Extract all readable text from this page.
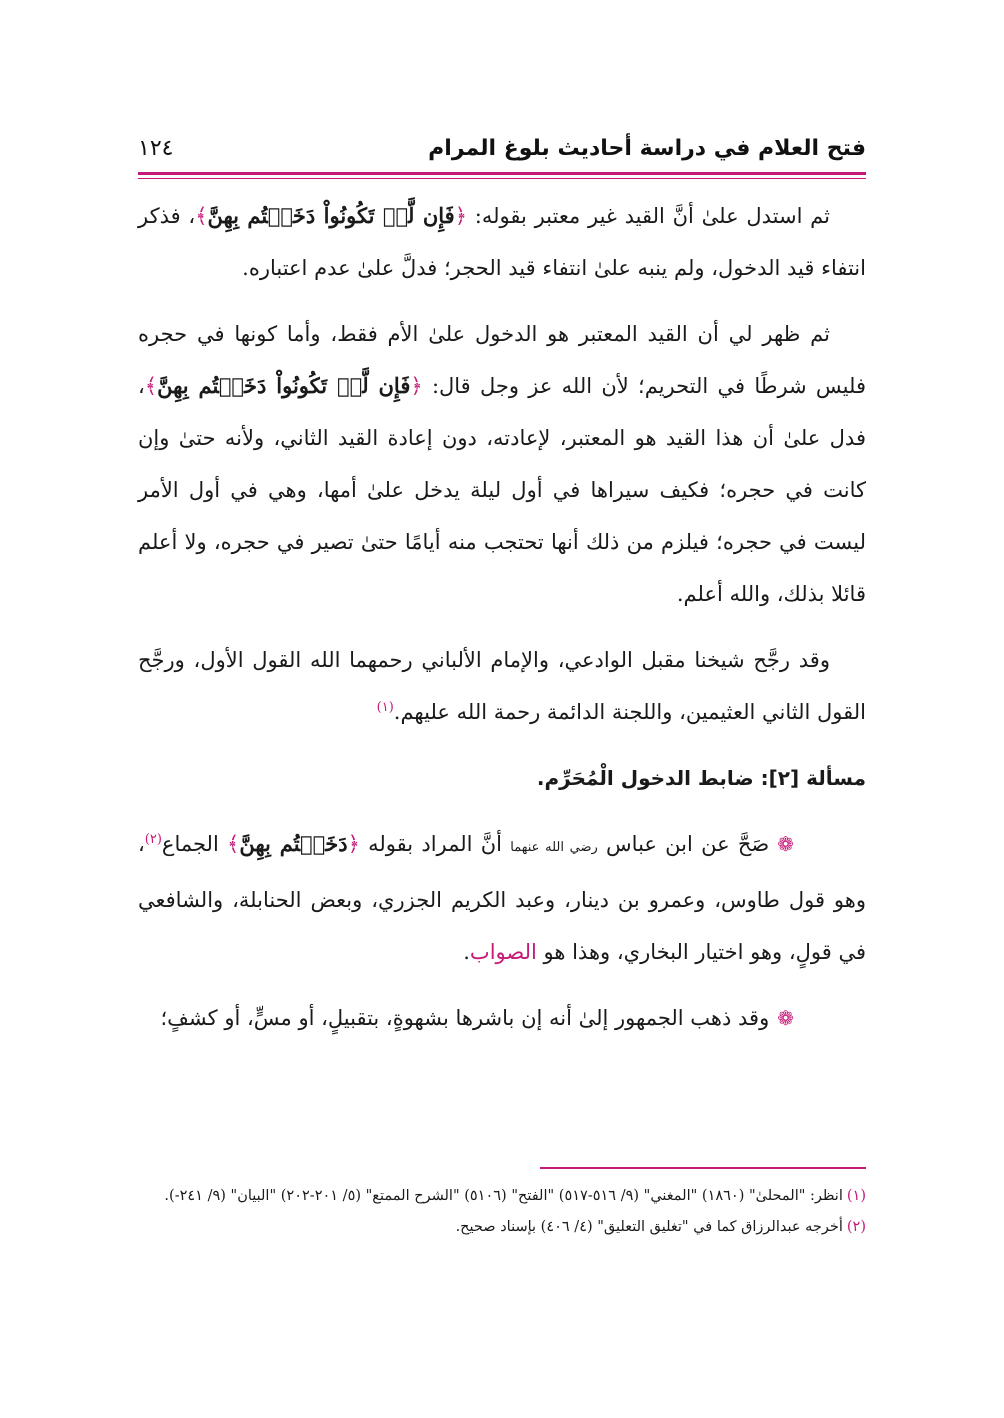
فتح العلام في دراسة أحاديث بلوغ المرام
١٢٤

ثم استدل علىٰ أنَّ القيد غير معتبر بقوله: ﴿فَإِن لَّمۡ تَكُونُواْ دَخَلۡتُم بِهِنَّ﴾، فذكر انتفاء قيد الدخول، ولم ينبه علىٰ انتفاء قيد الحجر؛ فدلَّ علىٰ عدم اعتباره.

ثم ظهر لي أن القيد المعتبر هو الدخول علىٰ الأم فقط، وأما كونها في حجره فليس شرطًا في التحريم؛ لأن الله عز وجل قال: ﴿فَإِن لَّمۡ تَكُونُواْ دَخَلۡتُم بِهِنَّ﴾، فدل علىٰ أن هذا القيد هو المعتبر، لإعادته، دون إعادة القيد الثاني، ولأنه حتىٰ وإن كانت في حجره؛ فكيف سيراها في أول ليلة يدخل علىٰ أمها، وهي في أول الأمر ليست في حجره؛ فيلزم من ذلك أنها تحتجب منه أيامًا حتىٰ تصير في حجره، ولا أعلم قائلا بذلك، والله أعلم.

وقد رجَّح شيخنا مقبل الوادعي، والإمام الألباني رحمهما الله القول الأول، ورجَّح القول الثاني العثيمين، واللجنة الدائمة رحمة الله عليهم.$^{(١)}$

مسألة [٢]: ضابط الدخول الْمُحَرِّم.

❁صَحَّ عن ابن عباس رضي الله عنهما أنَّ المراد بقوله ﴿دَخَلۡتُم بِهِنَّ﴾ الجماع$^{(٢)}$، وهو قول طاوس، وعمرو بن دينار، وعبد الكريم الجزري، وبعض الحنابلة، والشافعي في قولٍ، وهو اختيار البخاري، وهذا هو الصواب.

❁وقد ذهب الجمهور إلىٰ أنه إن باشرها بشهوةٍ، بتقبيلٍ، أو مسٍّ، أو كشفٍ؛

(١)انظر: "المحلىٰ" (١٨٦٠) "المغني" (٩/ ٥١٦-٥١٧) "الفتح" (٥١٠٦) "الشرح الممتع" (٥/ ٢٠١-٢٠٢) "البيان" (٩/ ٢٤١-).

(٢)أخرجه عبدالرزاق كما في "تغليق التعليق" (٤/ ٤٠٦) بإسناد صحيح.
